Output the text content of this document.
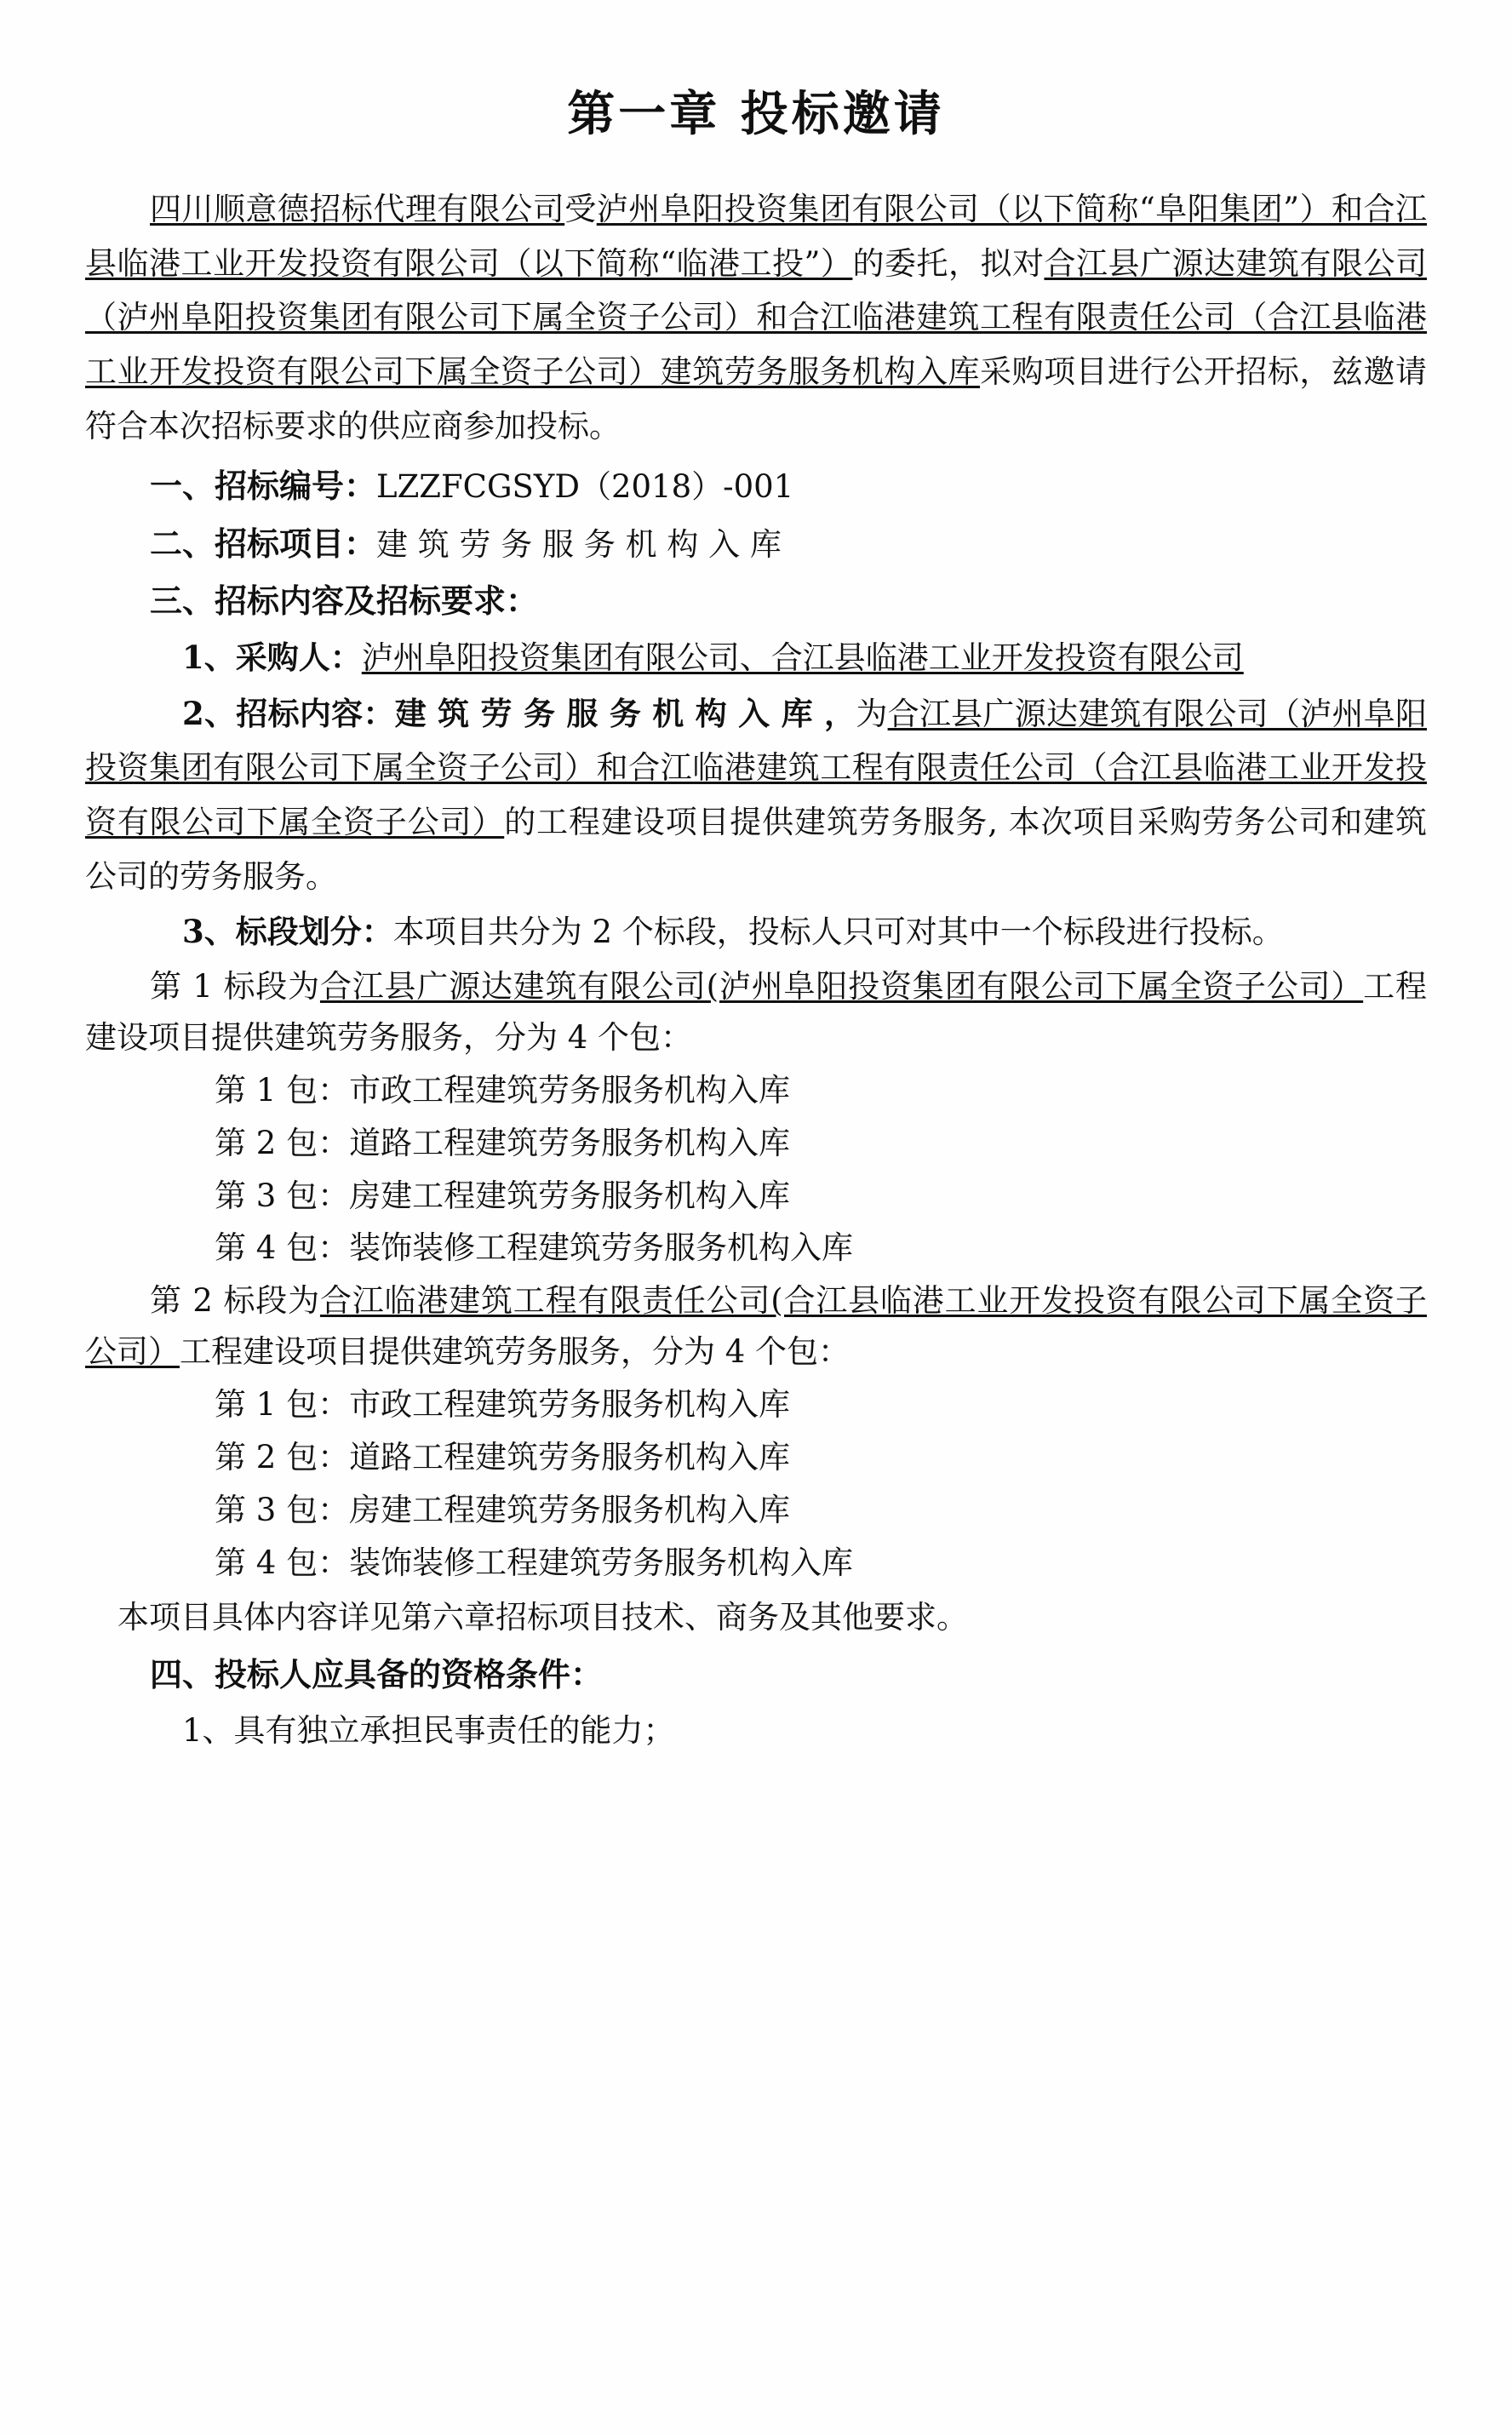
第一章 投标邀请

四川顺意德招标代理有限公司受泸州阜阳投资集团有限公司（以下简称“阜阳集团”）和合江县临港工业开发投资有限公司（以下简称“临港工投”）的委托，拟对合江县广源达建筑有限公司（泸州阜阳投资集团有限公司下属全资子公司）和合江临港建筑工程有限责任公司（合江县临港工业开发投资有限公司下属全资子公司）建筑劳务服务机构入库采购项目进行公开招标，兹邀请符合本次招标要求的供应商参加投标。

一、招标编号：LZZFCGSYD（2018）-001

二、招标项目：建 筑 劳 务 服 务 机 构 入 库

三、招标内容及招标要求：

1、采购人：泸州阜阳投资集团有限公司、合江县临港工业开发投资有限公司

2、招标内容：建 筑 劳 务 服 务 机 构 入 库 ，为合江县广源达建筑有限公司（泸州阜阳投资集团有限公司下属全资子公司）和合江临港建筑工程有限责任公司（合江县临港工业开发投资有限公司下属全资子公司）的工程建设项目提供建筑劳务服务, 本次项目采购劳务公司和建筑公司的劳务服务。

3、标段划分：本项目共分为 2 个标段，投标人只可对其中一个标段进行投标。

第 1 标段为合江县广源达建筑有限公司(泸州阜阳投资集团有限公司下属全资子公司）工程建设项目提供建筑劳务服务，分为 4 个包：

第 1 包：市政工程建筑劳务服务机构入库

第 2 包：道路工程建筑劳务服务机构入库

第 3 包：房建工程建筑劳务服务机构入库

第 4 包：装饰装修工程建筑劳务服务机构入库

第 2 标段为合江临港建筑工程有限责任公司(合江县临港工业开发投资有限公司下属全资子公司）工程建设项目提供建筑劳务服务，分为 4 个包：

第 1 包：市政工程建筑劳务服务机构入库

第 2 包：道路工程建筑劳务服务机构入库

第 3 包：房建工程建筑劳务服务机构入库

第 4 包：装饰装修工程建筑劳务服务机构入库

本项目具体内容详见第六章招标项目技术、商务及其他要求。

四、投标人应具备的资格条件：

1、具有独立承担民事责任的能力；
